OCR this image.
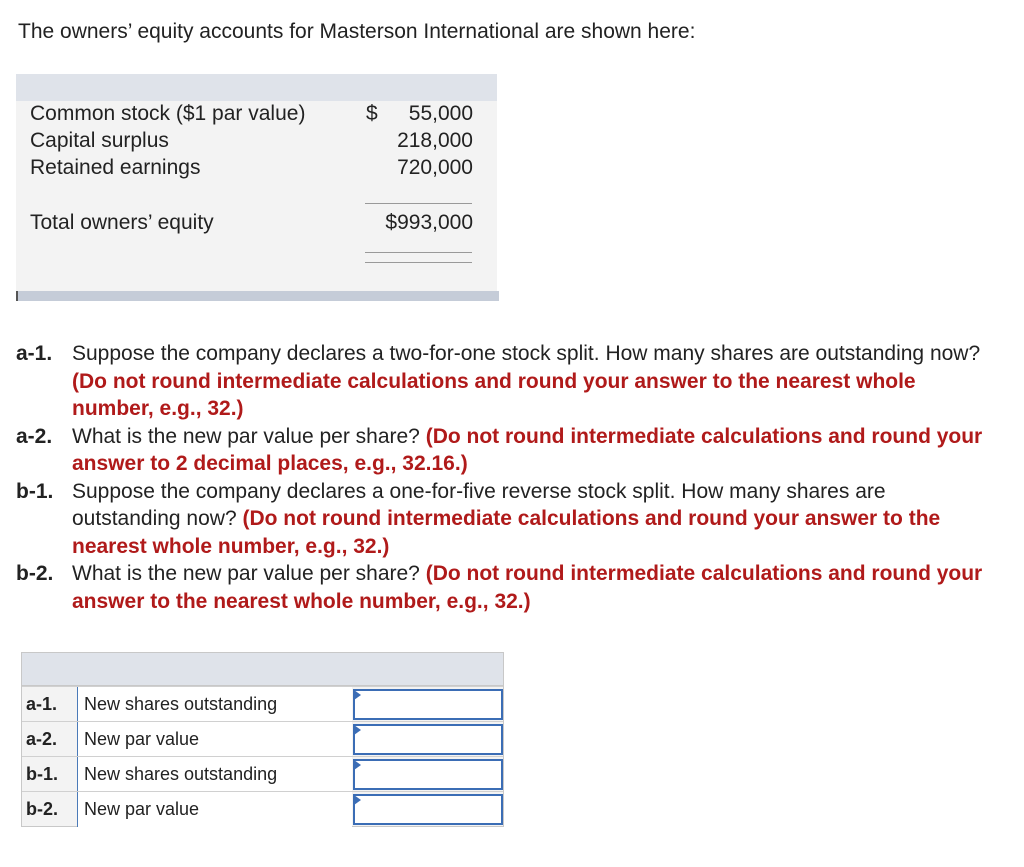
The owners’ equity accounts for Masterson International are shown here:
Common stock ($1 par value)	$ 55,000
Capital surplus	218,000
Retained earnings	720,000
Total owners’ equity	$993,000
a-1. Suppose the company declares a two-for-one stock split. How many shares are outstanding now? (Do not round intermediate calculations and round your answer to the nearest whole number, e.g., 32.)
a-2. What is the new par value per share? (Do not round intermediate calculations and round your answer to 2 decimal places, e.g., 32.16.)
b-1. Suppose the company declares a one-for-five reverse stock split. How many shares are outstanding now? (Do not round intermediate calculations and round your answer to the nearest whole number, e.g., 32.)
b-2. What is the new par value per share? (Do not round intermediate calculations and round your answer to the nearest whole number, e.g., 32.)
a-1.	New shares outstanding
a-2.	New par value
b-1.	New shares outstanding
b-2.	New par value
